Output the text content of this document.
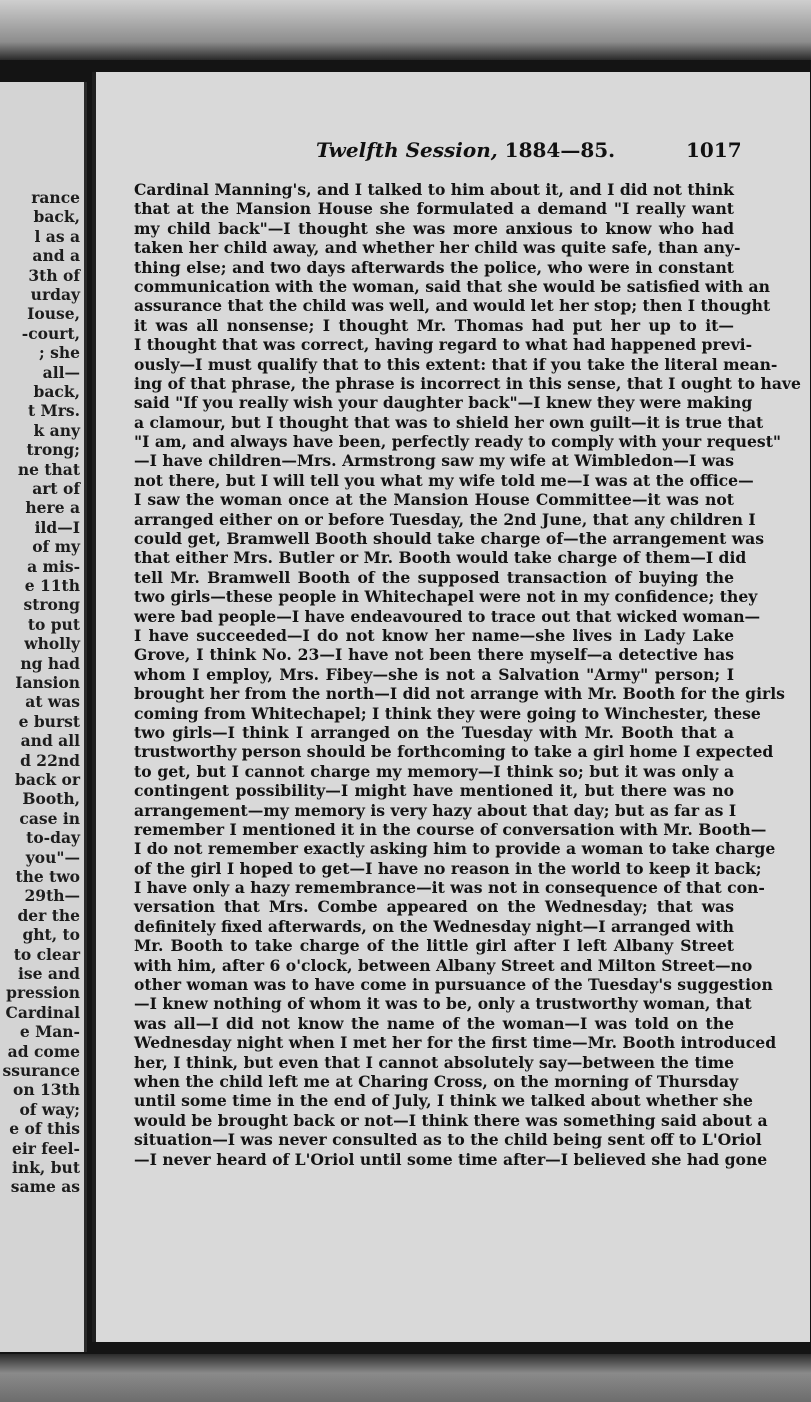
rance
back,
l as a
and a
3th of
urday
Iouse,
-court,
; she
all—
back,
t Mrs.
k any
trong;
ne that
art of
here a
ild—I
of my
a mis-
e 11th
strong
to put
wholly
ng had
Iansion
at was
e burst
and all
d 22nd
back or
Booth,
case in
to-day
you"—
the two
29th—
der the
ght, to
to clear
ise and
pression
Cardinal
e Man-
ad come
ssurance
on 13th
of way;
e of this
eir feel-
ink, but
same as
Twelfth Session, 1884—85.	1017
Cardinal Manning's, and I talked to him about it, and I did not think
that at the Mansion House she formulated a demand "I really want
my child back"—I thought she was more anxious to know who had
taken her child away, and whether her child was quite safe, than any-
thing else; and two days afterwards the police, who were in constant
communication with the woman, said that she would be satisfied with an
assurance that the child was well, and would let her stop; then I thought
it was all nonsense; I thought Mr. Thomas had put her up to it—
I thought that was correct, having regard to what had happened previ-
ously—I must qualify that to this extent: that if you take the literal mean-
ing of that phrase, the phrase is incorrect in this sense, that I ought to have
said "If you really wish your daughter back"—I knew they were making
a clamour, but I thought that was to shield her own guilt—it is true that
"I am, and always have been, perfectly ready to comply with your request"
—I have children—Mrs. Armstrong saw my wife at Wimbledon—I was
not there, but I will tell you what my wife told me—I was at the office—
I saw the woman once at the Mansion House Committee—it was not
arranged either on or before Tuesday, the 2nd June, that any children I
could get, Bramwell Booth should take charge of—the arrangement was
that either Mrs. Butler or Mr. Booth would take charge of them—I did
tell Mr. Bramwell Booth of the supposed transaction of buying the
two girls—these people in Whitechapel were not in my confidence; they
were bad people—I have endeavoured to trace out that wicked woman—
I have succeeded—I do not know her name—she lives in Lady Lake
Grove, I think No. 23—I have not been there myself—a detective has
whom I employ, Mrs. Fibey—she is not a Salvation "Army" person; I
brought her from the north—I did not arrange with Mr. Booth for the girls
coming from Whitechapel; I think they were going to Winchester, these
two girls—I think I arranged on the Tuesday with Mr. Booth that a
trustworthy person should be forthcoming to take a girl home I expected
to get, but I cannot charge my memory—I think so; but it was only a
contingent possibility—I might have mentioned it, but there was no
arrangement—my memory is very hazy about that day; but as far as I
remember I mentioned it in the course of conversation with Mr. Booth—
I do not remember exactly asking him to provide a woman to take charge
of the girl I hoped to get—I have no reason in the world to keep it back;
I have only a hazy remembrance—it was not in consequence of that con-
versation that Mrs. Combe appeared on the Wednesday; that was
definitely fixed afterwards, on the Wednesday night—I arranged with
Mr. Booth to take charge of the little girl after I left Albany Street
with him, after 6 o'clock, between Albany Street and Milton Street—no
other woman was to have come in pursuance of the Tuesday's suggestion
—I knew nothing of whom it was to be, only a trustworthy woman, that
was all—I did not know the name of the woman—I was told on the
Wednesday night when I met her for the first time—Mr. Booth introduced
her, I think, but even that I cannot absolutely say—between the time
when the child left me at Charing Cross, on the morning of Thursday
until some time in the end of July, I think we talked about whether she
would be brought back or not—I think there was something said about a
situation—I was never consulted as to the child being sent off to L'Oriol
—I never heard of L'Oriol until some time after—I believed she had gone
